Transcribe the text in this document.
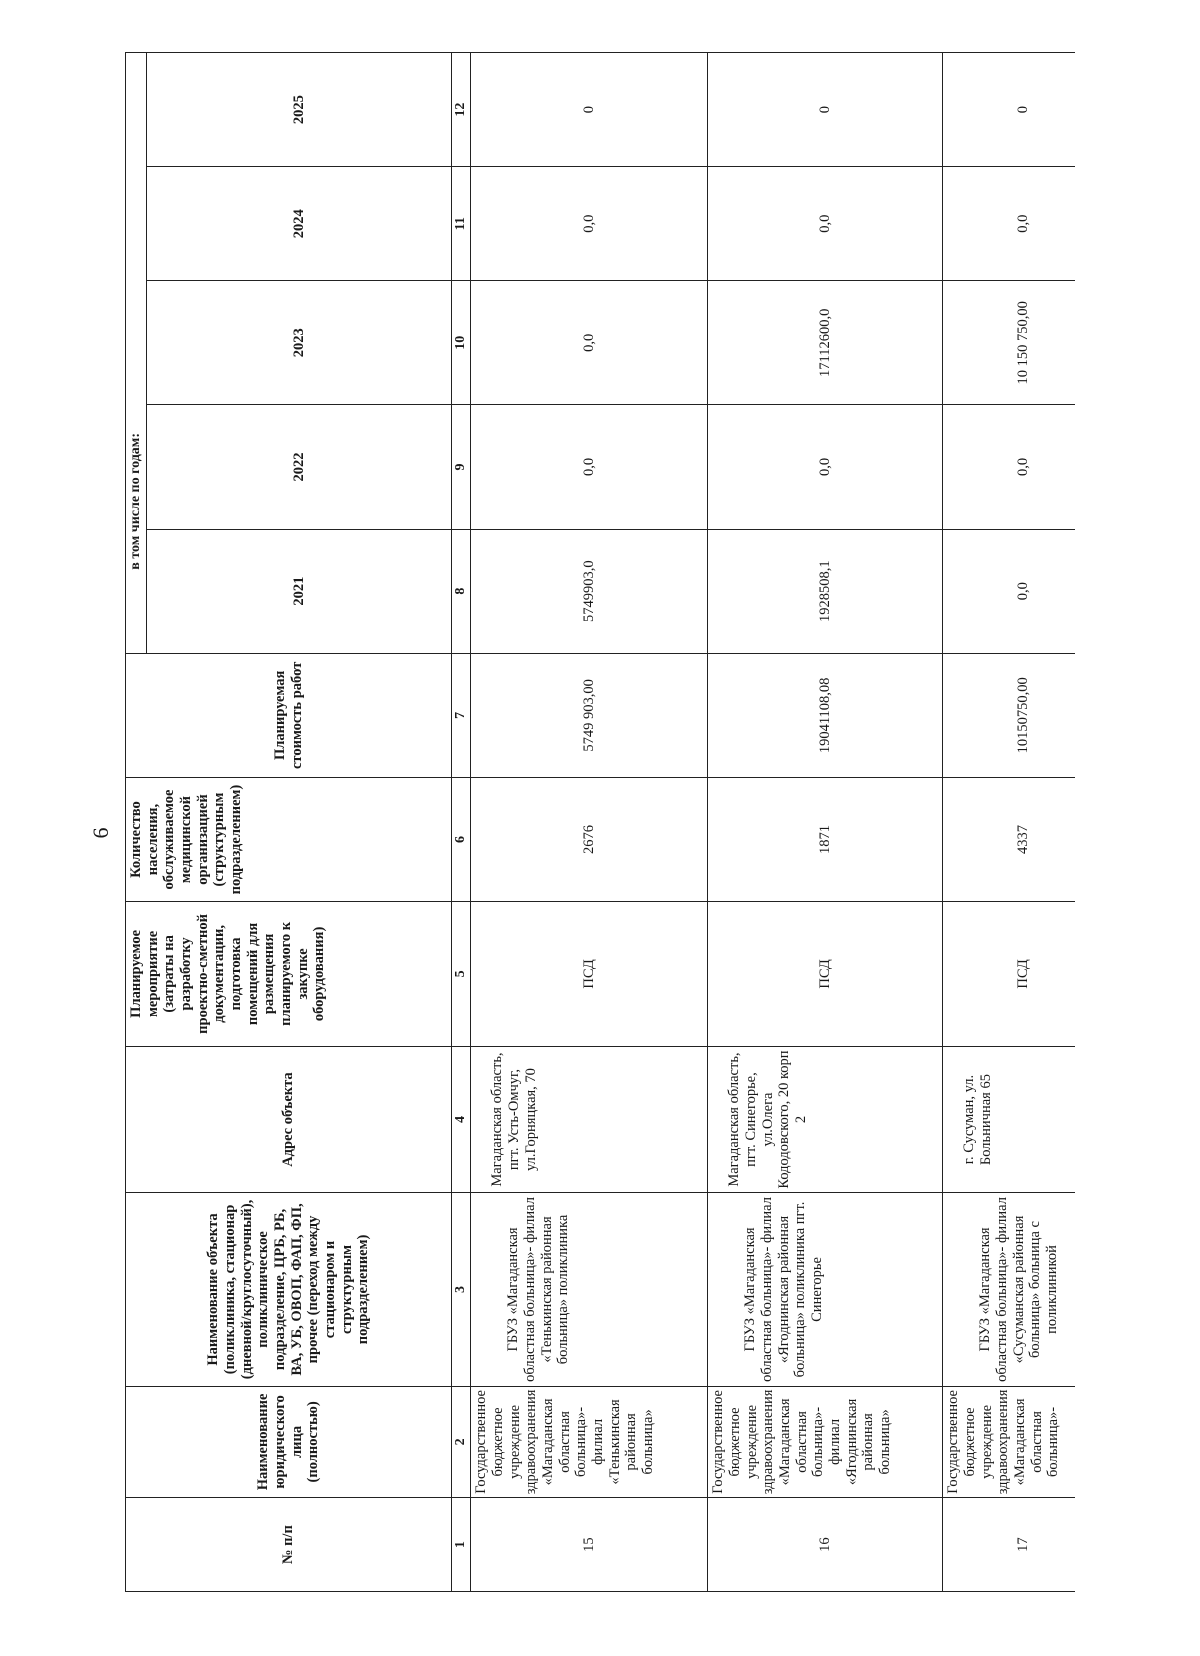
6
№ п/п	Наименование юридического лица (полностью)	Наименование объекта (поликлиника, стационар (дневной/круглосуточный), поликлиническое подразделение, ЦРБ, РБ, ВА, УБ, ОВОП, ФАП, ФП, прочее (переход между стационаром и структурным подразделением)	Адрес объекта	Планируемое мероприятие (затраты на разработку проектно-сметной документации, подготовка помещений для размещения планируемого к закупке оборудования)	Количество населения, обслуживаемое медицинской организацией (структурным подразделением)	Планируемая стоимость работ	в том числе по годам:				
							2021	2022	2023	2024	2025
1	2	3	4	5	6	7	8	9	10	11	12
15	Государственное бюджетное учреждение здравоохранения «Магаданская областная больница»- филиал «Тенькинская районная больница»	ГБУЗ «Магаданская областная больница»- филиал «Тенькинская районная больница» поликлиника	Магаданская область, пгт. Усть-Омчуг, ул.Горняцкая, 70	ПСД	2676	5749 903,00	5749903,0	0,0	0,0	0,0	0
16	Государственное бюджетное учреждение здравоохранения «Магаданская областная больница»- филиал «Ягоднинская районная больница»	ГБУЗ «Магаданская областная больница»- филиал «Ягоднинская районная больница» поликлиника пгт. Синегорье	Магаданская область, пгт. Синегорье, ул.Олега Кододовского, 20 корп 2	ПСД	1871	19041108,08	1928508,1	0,0	17112600,0	0,0	0
17	Государственное бюджетное учреждение здравоохранения «Магаданская областная больница»-	ГБУЗ «Магаданская областная больница»- филиал «Сусуманская районная больница» больница с поликлиникой	г. Сусуман, ул. Больничная 65	ПСД	4337	10150750,00	0,0	0,0	10 150 750,00	0,0	0
